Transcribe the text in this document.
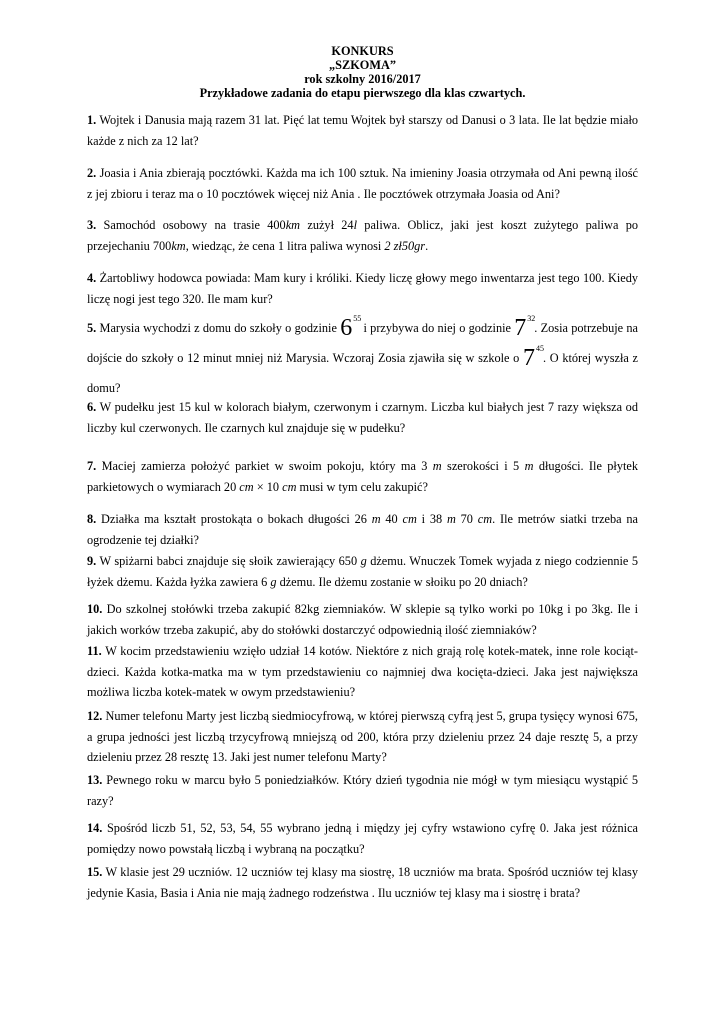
KONKURS
„SZKOMA”
rok szkolny 2016/2017
Przykładowe zadania do etapu pierwszego dla klas czwartych.
1. Wojtek i Danusia mają razem 31 lat. Pięć lat temu Wojtek był starszy od Danusi o 3 lata. Ile lat będzie miało każde z nich za 12 lat?
2. Joasia i Ania zbierają pocztówki. Każda ma ich 100 sztuk. Na imieniny Joasia otrzymała od Ani pewną ilość z jej zbioru i teraz ma o 10 pocztówek więcej niż Ania . Ile pocztówek otrzymała Joasia od Ani?
3. Samochód osobowy na trasie 400km zużył 24l paliwa. Oblicz, jaki jest koszt zużytego paliwa po przejechaniu 700km, wiedząc, że cena 1 litra paliwa wynosi 2 zł50gr.
4. Żartobliwy hodowca powiada: Mam kury i króliki. Kiedy liczę głowy mego inwentarza jest tego 100. Kiedy liczę nogi jest tego 320. Ile mam kur?
5. Marysia wychodzi z domu do szkoły o godzinie $6^{55}$ i przybywa do niej o godzinie $7^{32}$. Zosia potrzebuje na dojście do szkoły o 12 minut mniej niż Marysia. Wczoraj Zosia zjawiła się w szkole o $7^{45}$. O której wyszła z domu?
6. W pudełku jest 15 kul w kolorach białym, czerwonym i czarnym. Liczba kul białych jest 7 razy większa od liczby kul czerwonych. Ile czarnych kul znajduje się w pudełku?
7. Maciej zamierza położyć parkiet w swoim pokoju, który ma 3 m szerokości i 5 m długości. Ile płytek parkietowych o wymiarach 20 cm × 10 cm musi w tym celu zakupić?
8. Działka ma kształt prostokąta o bokach długości 26 m 40 cm i 38 m 70 cm. Ile metrów siatki trzeba na ogrodzenie tej działki?
9. W spiżarni babci znajduje się słoik zawierający 650 g dżemu. Wnuczek Tomek wyjada z niego codziennie 5 łyżek dżemu. Każda łyżka zawiera 6 g dżemu. Ile dżemu zostanie w słoiku po 20 dniach?
10. Do szkolnej stołówki trzeba zakupić 82kg ziemniaków. W sklepie są tylko worki po 10kg i po 3kg. Ile i jakich worków trzeba zakupić, aby do stołówki dostarczyć odpowiednią ilość ziemniaków?
11. W kocim przedstawieniu wzięło udział 14 kotów. Niektóre z nich grają rolę kotek-matek, inne role kociąt-dzieci. Każda kotka-matka ma w tym przedstawieniu co najmniej dwa kocięta-dzieci. Jaka jest największa możliwa liczba kotek-matek w owym przedstawieniu?
12. Numer telefonu Marty jest liczbą siedmiocyfrową, w której pierwszą cyfrą jest 5, grupa tysięcy wynosi 675, a grupa jedności jest liczbą trzycyfrową mniejszą od 200, która przy dzieleniu przez 24 daje resztę 5, a przy dzieleniu przez 28 resztę 13. Jaki jest numer telefonu Marty?
13. Pewnego roku w marcu było 5 poniedziałków. Który dzień tygodnia nie mógł w tym miesiącu wystąpić 5 razy?
14. Spośród liczb 51, 52, 53, 54, 55 wybrano jedną i między jej cyfry wstawiono cyfrę 0. Jaka jest różnica pomiędzy nowo powstałą liczbą i wybraną na początku?
15. W klasie jest 29 uczniów. 12 uczniów tej klasy ma siostrę, 18 uczniów ma brata. Spośród uczniów tej klasy jedynie Kasia, Basia i Ania nie mają żadnego rodzeństwa . Ilu uczniów tej klasy ma i siostrę i brata?
